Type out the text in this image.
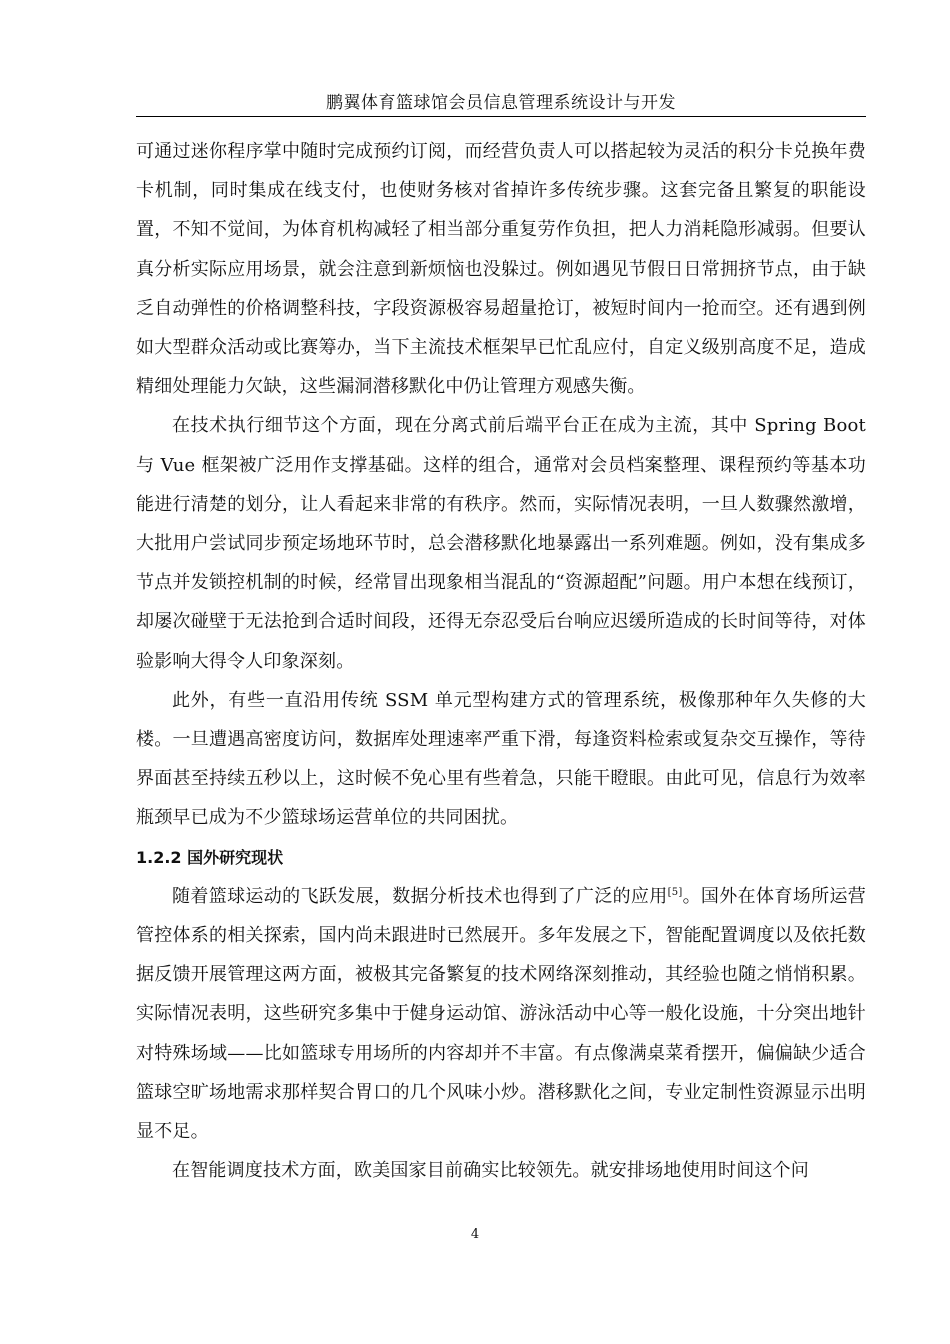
鹏翼体育篮球馆会员信息管理系统设计与开发

可通过迷你程序掌中随时完成预约订阅，而经营负责人可以搭起较为灵活的积分卡兑换年费卡机制，同时集成在线支付，也使财务核对省掉许多传统步骤。这套完备且繁复的职能设置，不知不觉间，为体育机构减轻了相当部分重复劳作负担，把人力消耗隐形减弱。但要认真分析实际应用场景，就会注意到新烦恼也没躲过。例如遇见节假日日常拥挤节点，由于缺乏自动弹性的价格调整科技，字段资源极容易超量抢订，被短时间内一抢而空。还有遇到例如大型群众活动或比赛筹办，当下主流技术框架早已忙乱应付，自定义级别高度不足，造成精细处理能力欠缺，这些漏洞潜移默化中仍让管理方观感失衡。

在技术执行细节这个方面，现在分离式前后端平台正在成为主流，其中 Spring Boot 与 Vue 框架被广泛用作支撑基础。这样的组合，通常对会员档案整理、课程预约等基本功能进行清楚的划分，让人看起来非常的有秩序。然而，实际情况表明，一旦人数骤然激增，大批用户尝试同步预定场地环节时，总会潜移默化地暴露出一系列难题。例如，没有集成多节点并发锁控机制的时候，经常冒出现象相当混乱的“资源超配”问题。用户本想在线预订，却屡次碰壁于无法抢到合适时间段，还得无奈忍受后台响应迟缓所造成的长时间等待，对体验影响大得令人印象深刻。

此外，有些一直沿用传统 SSM 单元型构建方式的管理系统，极像那种年久失修的大楼。一旦遭遇高密度访问，数据库处理速率严重下滑，每逢资料检索或复杂交互操作，等待界面甚至持续五秒以上，这时候不免心里有些着急，只能干瞪眼。由此可见，信息行为效率瓶颈早已成为不少篮球场运营单位的共同困扰。

1.2.2 国外研究现状

随着篮球运动的飞跃发展，数据分析技术也得到了广泛的应用[5]。国外在体育场所运营管控体系的相关探索，国内尚未跟进时已然展开。多年发展之下，智能配置调度以及依托数据反馈开展管理这两方面，被极其完备繁复的技术网络深刻推动，其经验也随之悄悄积累。实际情况表明，这些研究多集中于健身运动馆、游泳活动中心等一般化设施，十分突出地针对特殊场域——比如篮球专用场所的内容却并不丰富。有点像满桌菜肴摆开，偏偏缺少适合篮球空旷场地需求那样契合胃口的几个风味小炒。潜移默化之间，专业定制性资源显示出明显不足。

在智能调度技术方面，欧美国家目前确实比较领先。就安排场地使用时间这个问

4
